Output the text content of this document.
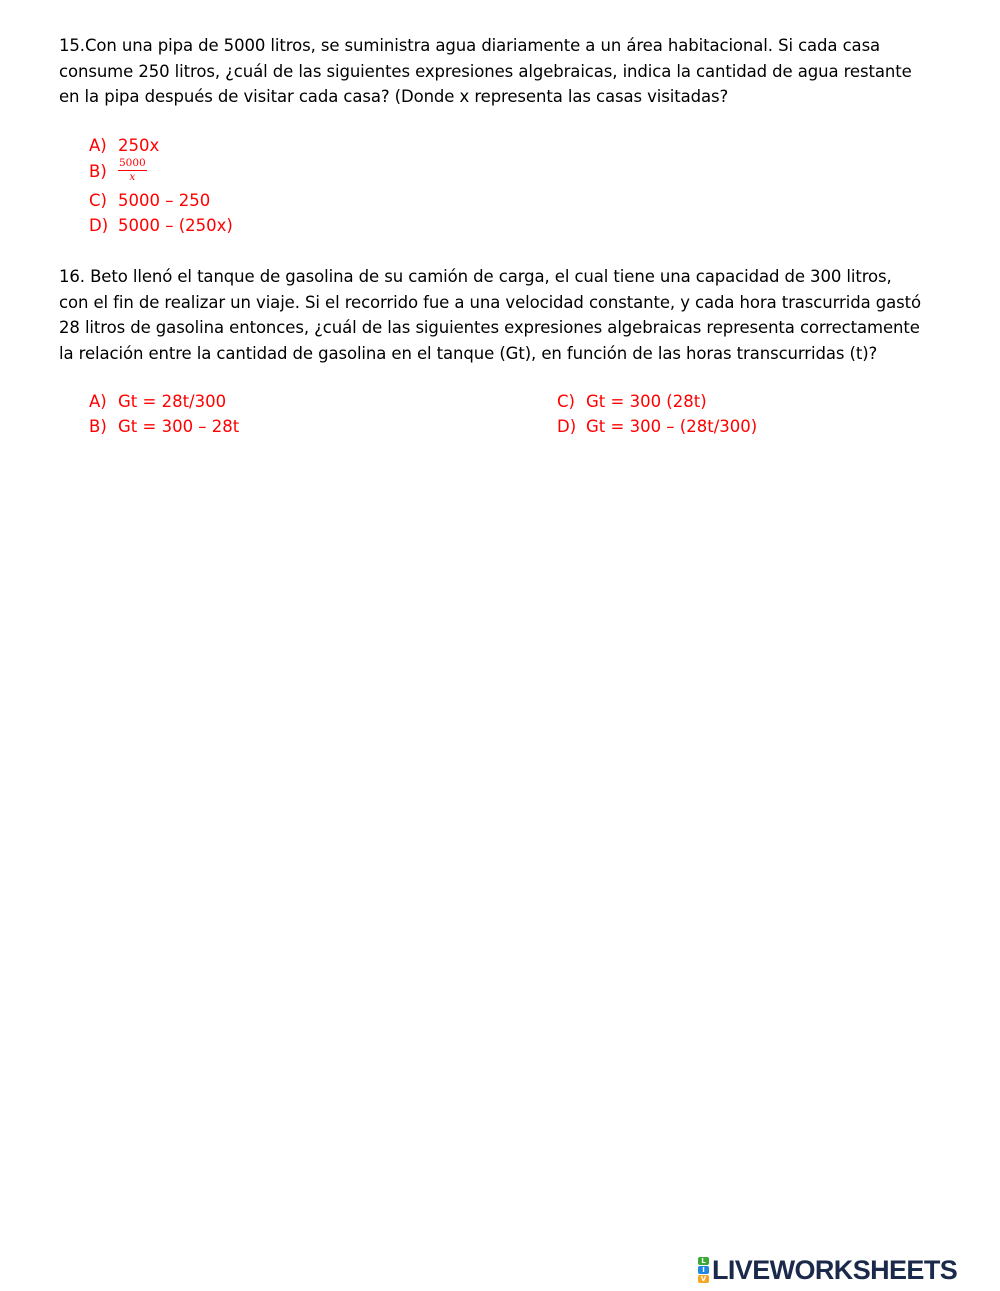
15.Con una pipa de 5000 litros, se suministra agua diariamente a un área habitacional. Si cada casa consume 250 litros, ¿cuál de las siguientes expresiones algebraicas, indica la cantidad de agua restante en la pipa después de visitar cada casa? (Donde x representa las casas visitadas?
A) 250x
$B) \frac{5000}{x}$
C) 5000 – 250
D) 5000 – (250x)
16. Beto llenó el tanque de gasolina de su camión de carga, el cual tiene una capacidad de 300 litros, con el fin de realizar un viaje. Si el recorrido fue a una velocidad constante, y cada hora trascurrida gastó 28 litros de gasolina entonces, ¿cuál de las siguientes expresiones algebraicas representa correctamente la relación entre la cantidad de gasolina en el tanque (Gt), en función de las horas transcurridas (t)?
A) Gt = 28t/300
B) Gt = 300 – 28t
C) Gt = 300 (28t)
D) Gt = 300 – (28t/300)
L
I
V LIVEWORKSHEETS
